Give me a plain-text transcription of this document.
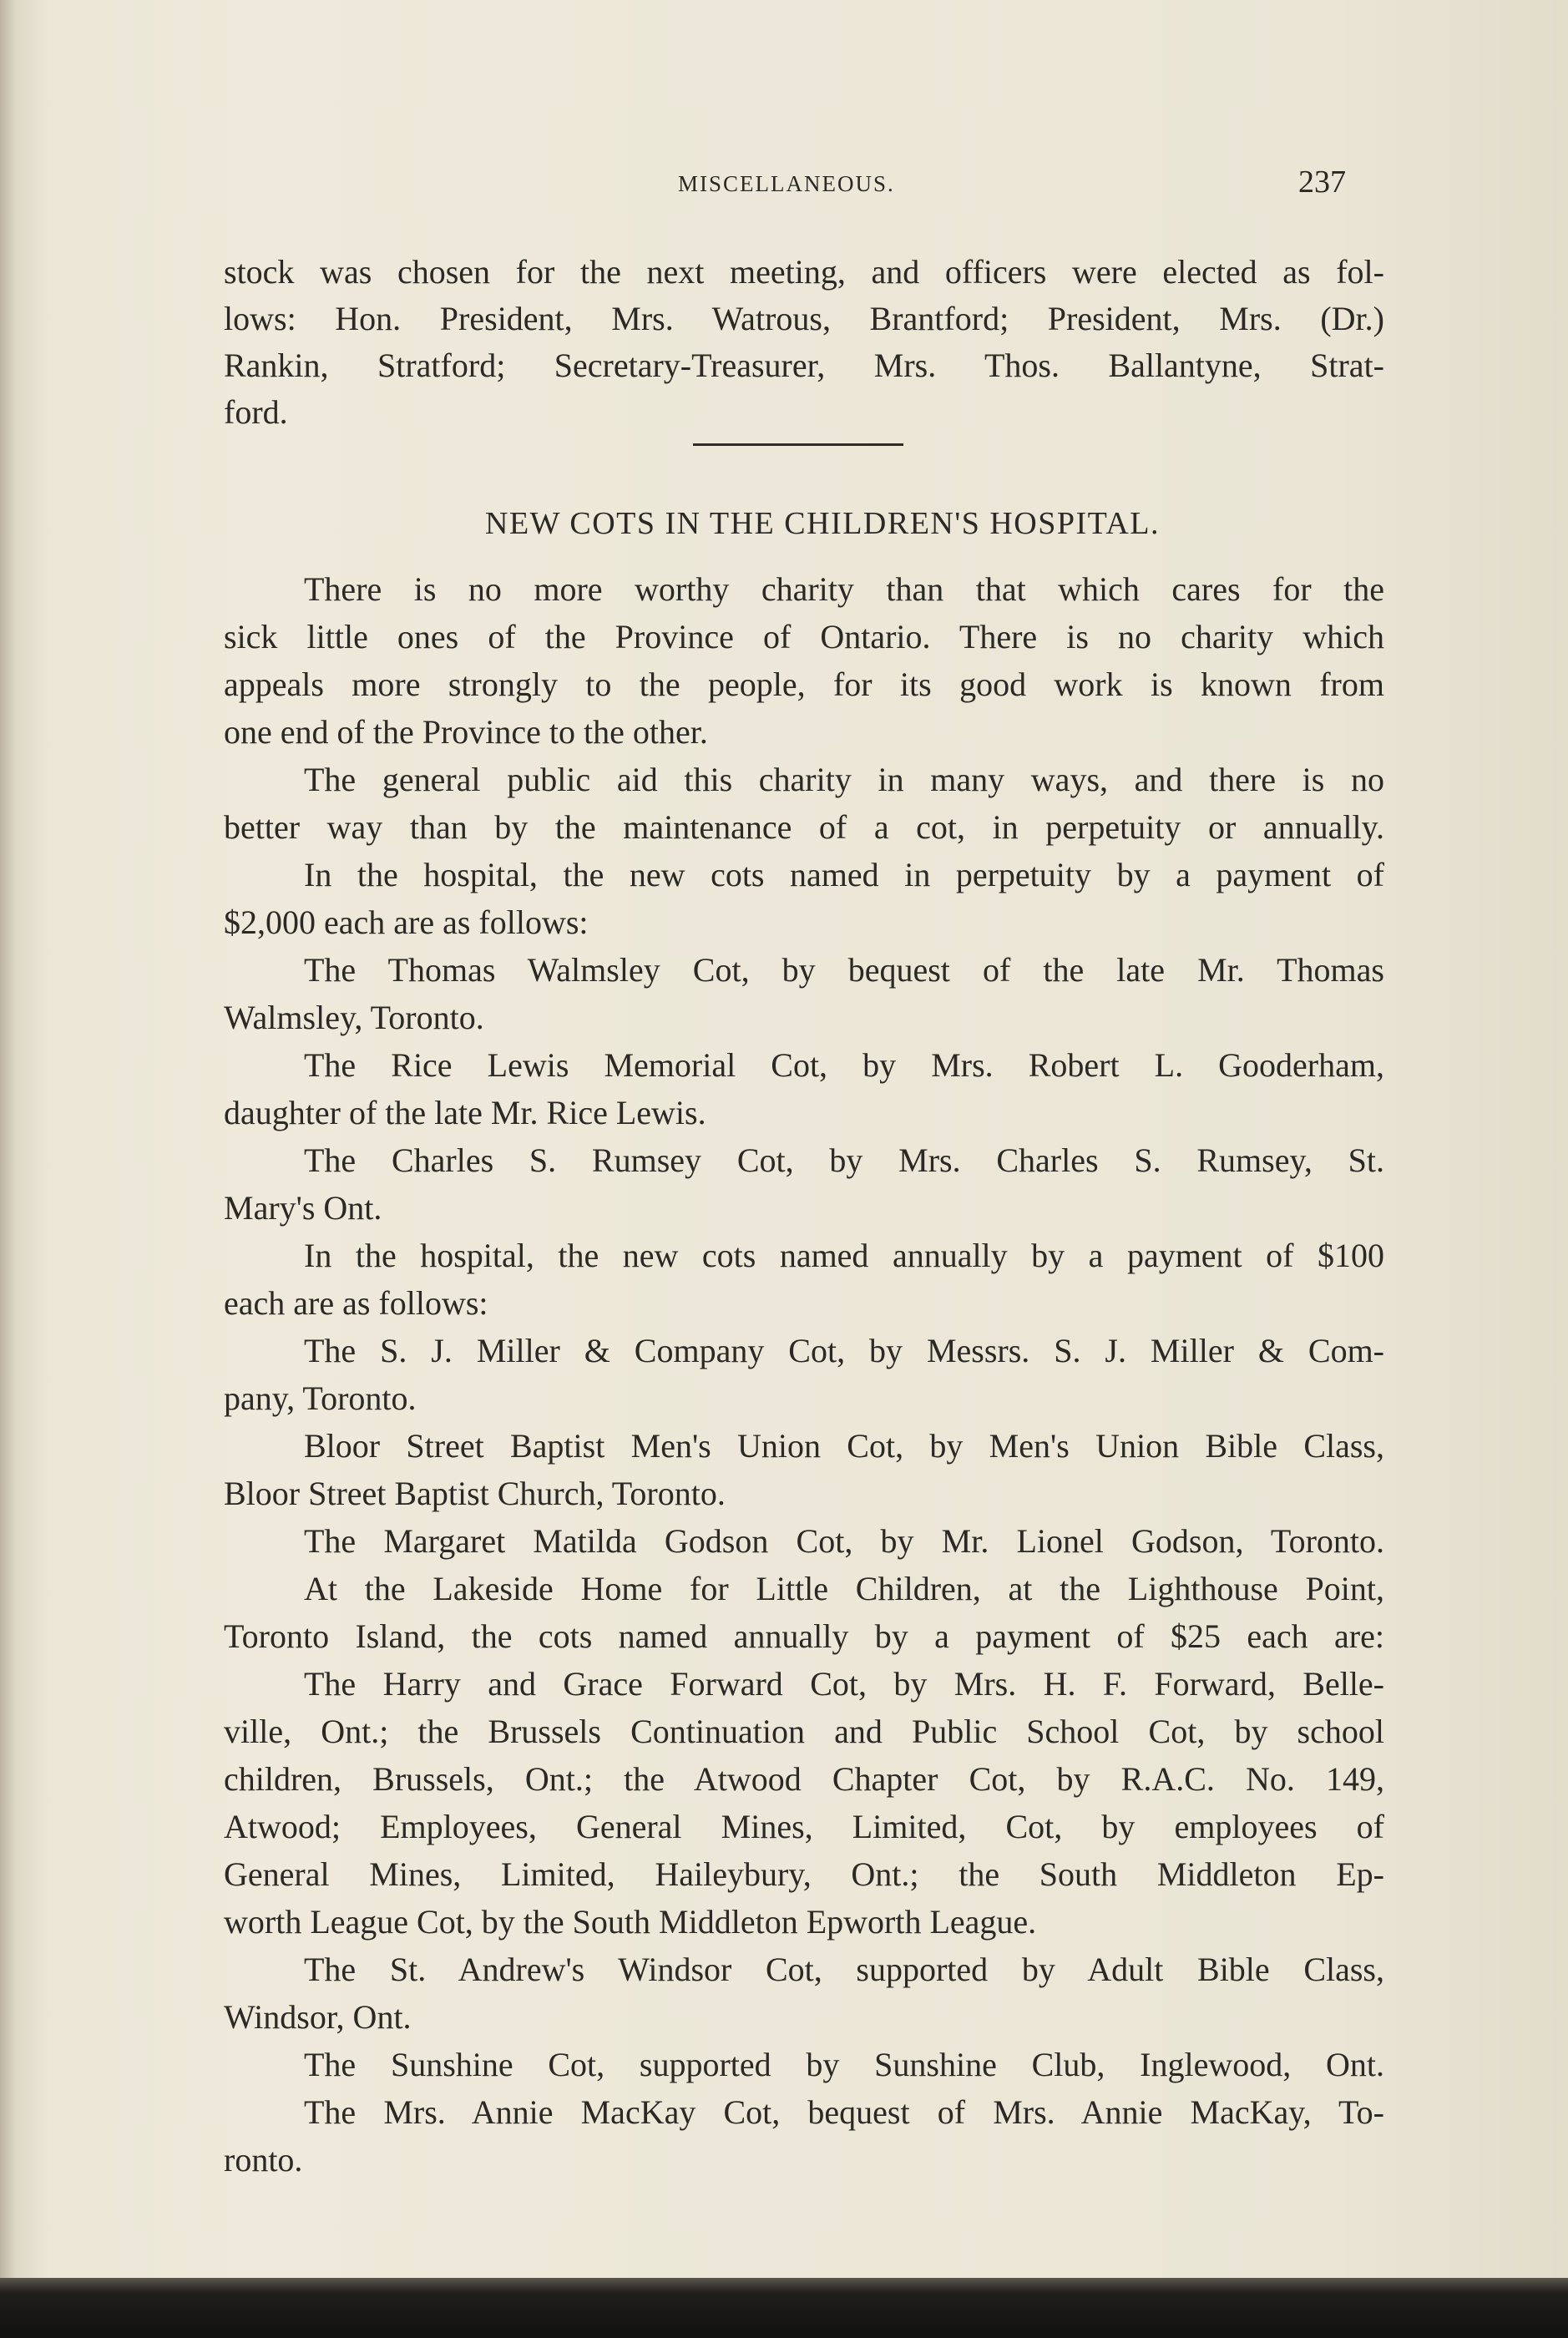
MISCELLANEOUS.	237
stock was chosen for the next meeting, and officers were elected as fol-
lows: Hon. President, Mrs. Watrous, Brantford; President, Mrs. (Dr.)
Rankin, Stratford; Secretary-Treasurer, Mrs. Thos. Ballantyne, Strat-
ford.
NEW COTS IN THE CHILDREN'S HOSPITAL.
There is no more worthy charity than that which cares for the
sick little ones of the Province of Ontario. There is no charity which
appeals more strongly to the people, for its good work is known from
one end of the Province to the other.
The general public aid this charity in many ways, and there is no
better way than by the maintenance of a cot, in perpetuity or annually.
In the hospital, the new cots named in perpetuity by a payment of
$2,000 each are as follows:
The Thomas Walmsley Cot, by bequest of the late Mr. Thomas
Walmsley, Toronto.
The Rice Lewis Memorial Cot, by Mrs. Robert L. Gooderham,
daughter of the late Mr. Rice Lewis.
The Charles S. Rumsey Cot, by Mrs. Charles S. Rumsey, St.
Mary's Ont.
In the hospital, the new cots named annually by a payment of $100
each are as follows:
The S. J. Miller & Company Cot, by Messrs. S. J. Miller & Com-
pany, Toronto.
Bloor Street Baptist Men's Union Cot, by Men's Union Bible Class,
Bloor Street Baptist Church, Toronto.
The Margaret Matilda Godson Cot, by Mr. Lionel Godson, Toronto.
At the Lakeside Home for Little Children, at the Lighthouse Point,
Toronto Island, the cots named annually by a payment of $25 each are:
The Harry and Grace Forward Cot, by Mrs. H. F. Forward, Belle-
ville, Ont.; the Brussels Continuation and Public School Cot, by school
children, Brussels, Ont.; the Atwood Chapter Cot, by R.A.C. No. 149,
Atwood; Employees, General Mines, Limited, Cot, by employees of
General Mines, Limited, Haileybury, Ont.; the South Middleton Ep-
worth League Cot, by the South Middleton Epworth League.
The St. Andrew's Windsor Cot, supported by Adult Bible Class,
Windsor, Ont.
The Sunshine Cot, supported by Sunshine Club, Inglewood, Ont.
The Mrs. Annie MacKay Cot, bequest of Mrs. Annie MacKay, To-
ronto.
